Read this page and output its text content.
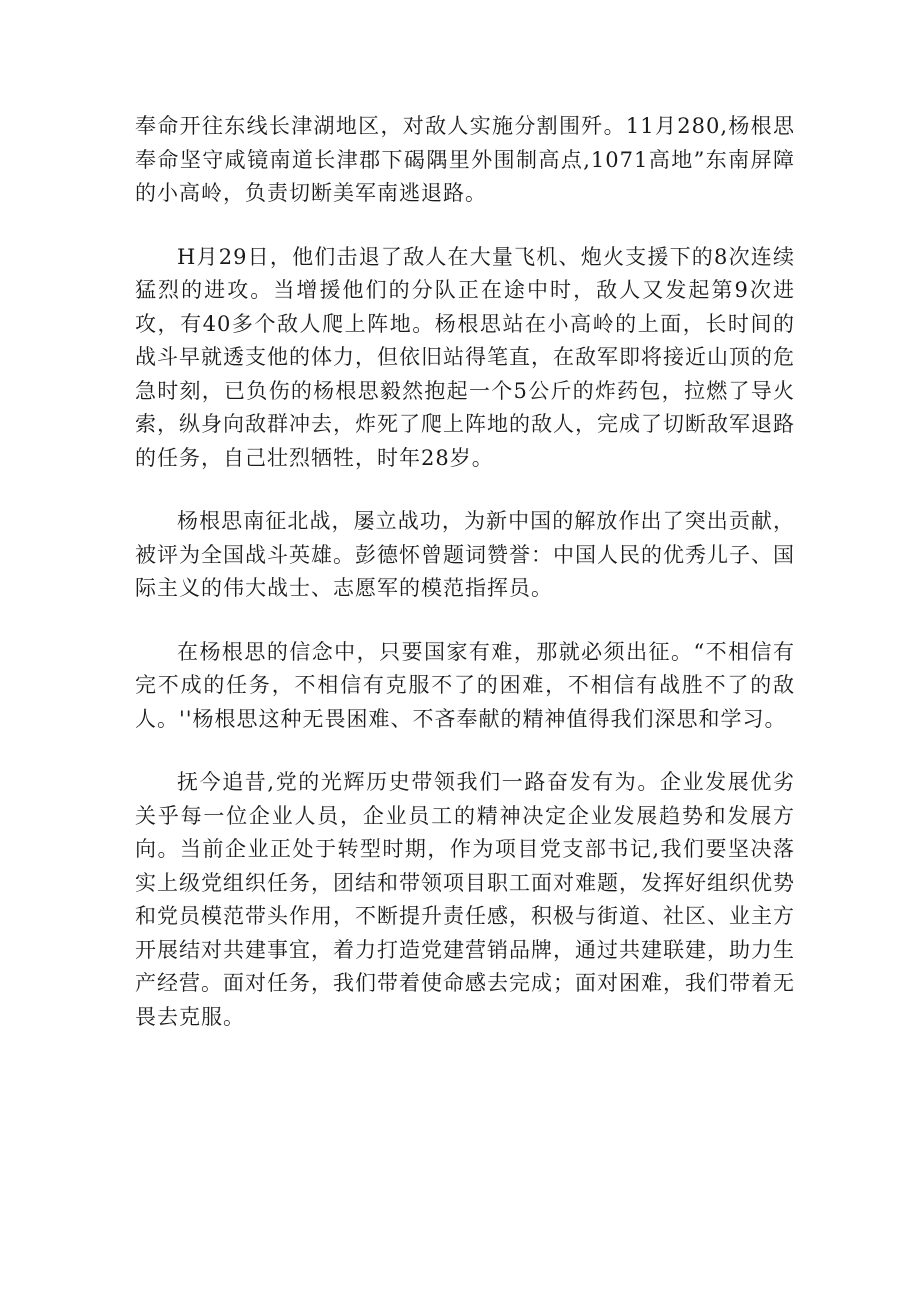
奉命开往东线长津湖地区，对敌人实施分割围歼。11月280,杨根思奉命坚守咸镜南道长津郡下碣隅里外围制高点,1071高地”东南屏障的小高岭，负责切断美军南逃退路。

H月29日，他们击退了敌人在大量飞机、炮火支援下的8次连续猛烈的进攻。当增援他们的分队正在途中时，敌人又发起第9次进攻，有40多个敌人爬上阵地。杨根思站在小高岭的上面，长时间的战斗早就透支他的体力，但依旧站得笔直，在敌军即将接近山顶的危急时刻，已负伤的杨根思毅然抱起一个5公斤的炸药包，拉燃了导火索，纵身向敌群冲去，炸死了爬上阵地的敌人，完成了切断敌军退路的任务，自己壮烈牺牲，时年28岁。

杨根思南征北战，屡立战功，为新中国的解放作出了突出贡献，被评为全国战斗英雄。彭德怀曾题词赞誉：中国人民的优秀儿子、国际主义的伟大战士、志愿军的模范指挥员。

在杨根思的信念中，只要国家有难，那就必须出征。“不相信有完不成的任务，不相信有克服不了的困难，不相信有战胜不了的敌人。''杨根思这种无畏困难、不吝奉献的精神值得我们深思和学习。

抚今追昔,党的光辉历史带领我们一路奋发有为。企业发展优劣关乎每一位企业人员，企业员工的精神决定企业发展趋势和发展方向。当前企业正处于转型时期，作为项目党支部书记,我们要坚决落实上级党组织任务，团结和带领项目职工面对难题，发挥好组织优势和党员模范带头作用，不断提升责任感，积极与街道、社区、业主方开展结对共建事宜，着力打造党建营销品牌，通过共建联建，助力生产经营。面对任务，我们带着使命感去完成；面对困难，我们带着无畏去克服。
